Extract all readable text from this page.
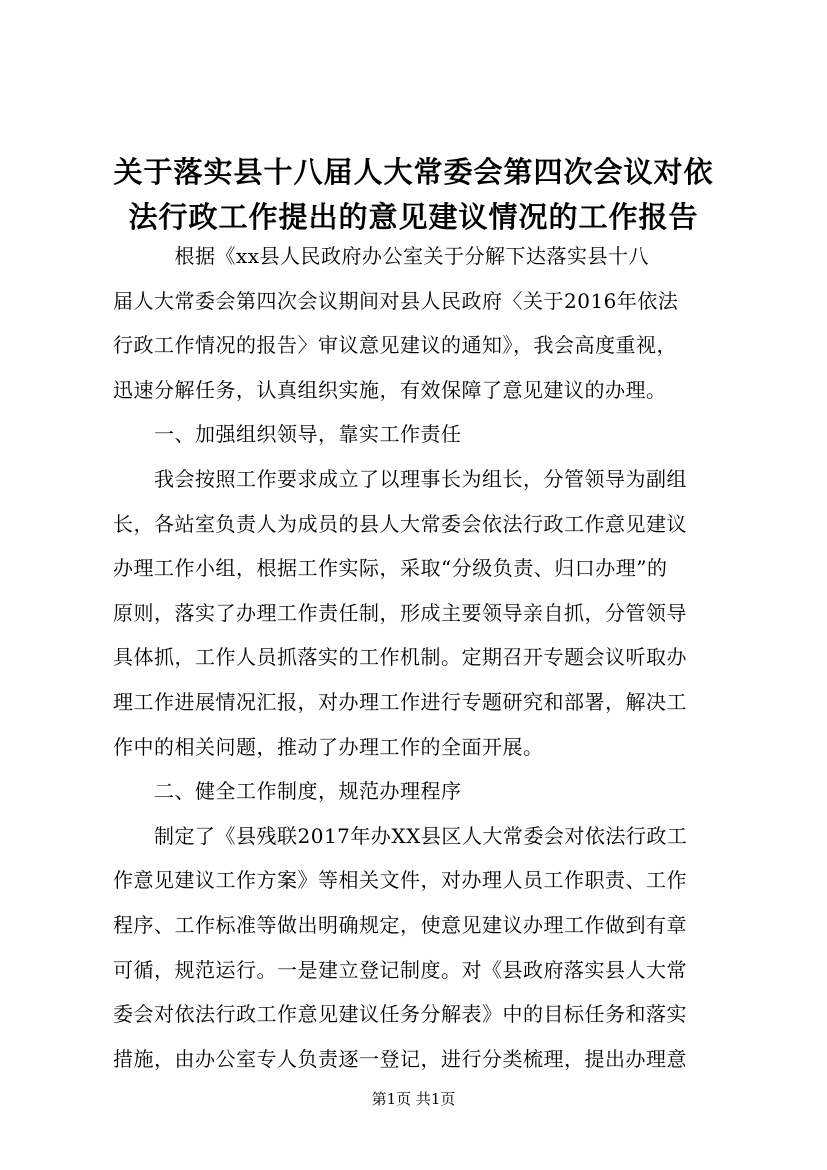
关于落实县十八届人大常委会第四次会议对依
法行政工作提出的意见建议情况的工作报告
　　　根据《xx县人民政府办公室关于分解下达落实县十八
届人大常委会第四次会议期间对县人民政府〈关于2016年依法
行政工作情况的报告〉审议意见建议的通知》，我会高度重视，
迅速分解任务，认真组织实施，有效保障了意见建议的办理。
　　一、加强组织领导，靠实工作责任
　　我会按照工作要求成立了以理事长为组长，分管领导为副组
长，各站室负责人为成员的县人大常委会依法行政工作意见建议
办理工作小组，根据工作实际，采取“分级负责、归口办理”的
原则，落实了办理工作责任制，形成主要领导亲自抓，分管领导
具体抓，工作人员抓落实的工作机制。定期召开专题会议听取办
理工作进展情况汇报，对办理工作进行专题研究和部署，解决工
作中的相关问题，推动了办理工作的全面开展。
　　二、健全工作制度，规范办理程序
　　制定了《县残联2017年办XX县区人大常委会对依法行政工
作意见建议工作方案》等相关文件，对办理人员工作职责、工作
程序、工作标准等做出明确规定，使意见建议办理工作做到有章
可循，规范运行。一是建立登记制度。对《县政府落实县人大常
委会对依法行政工作意见建议任务分解表》中的目标任务和落实
措施，由办公室专人负责逐一登记，进行分类梳理，提出办理意
第1页 共1页
